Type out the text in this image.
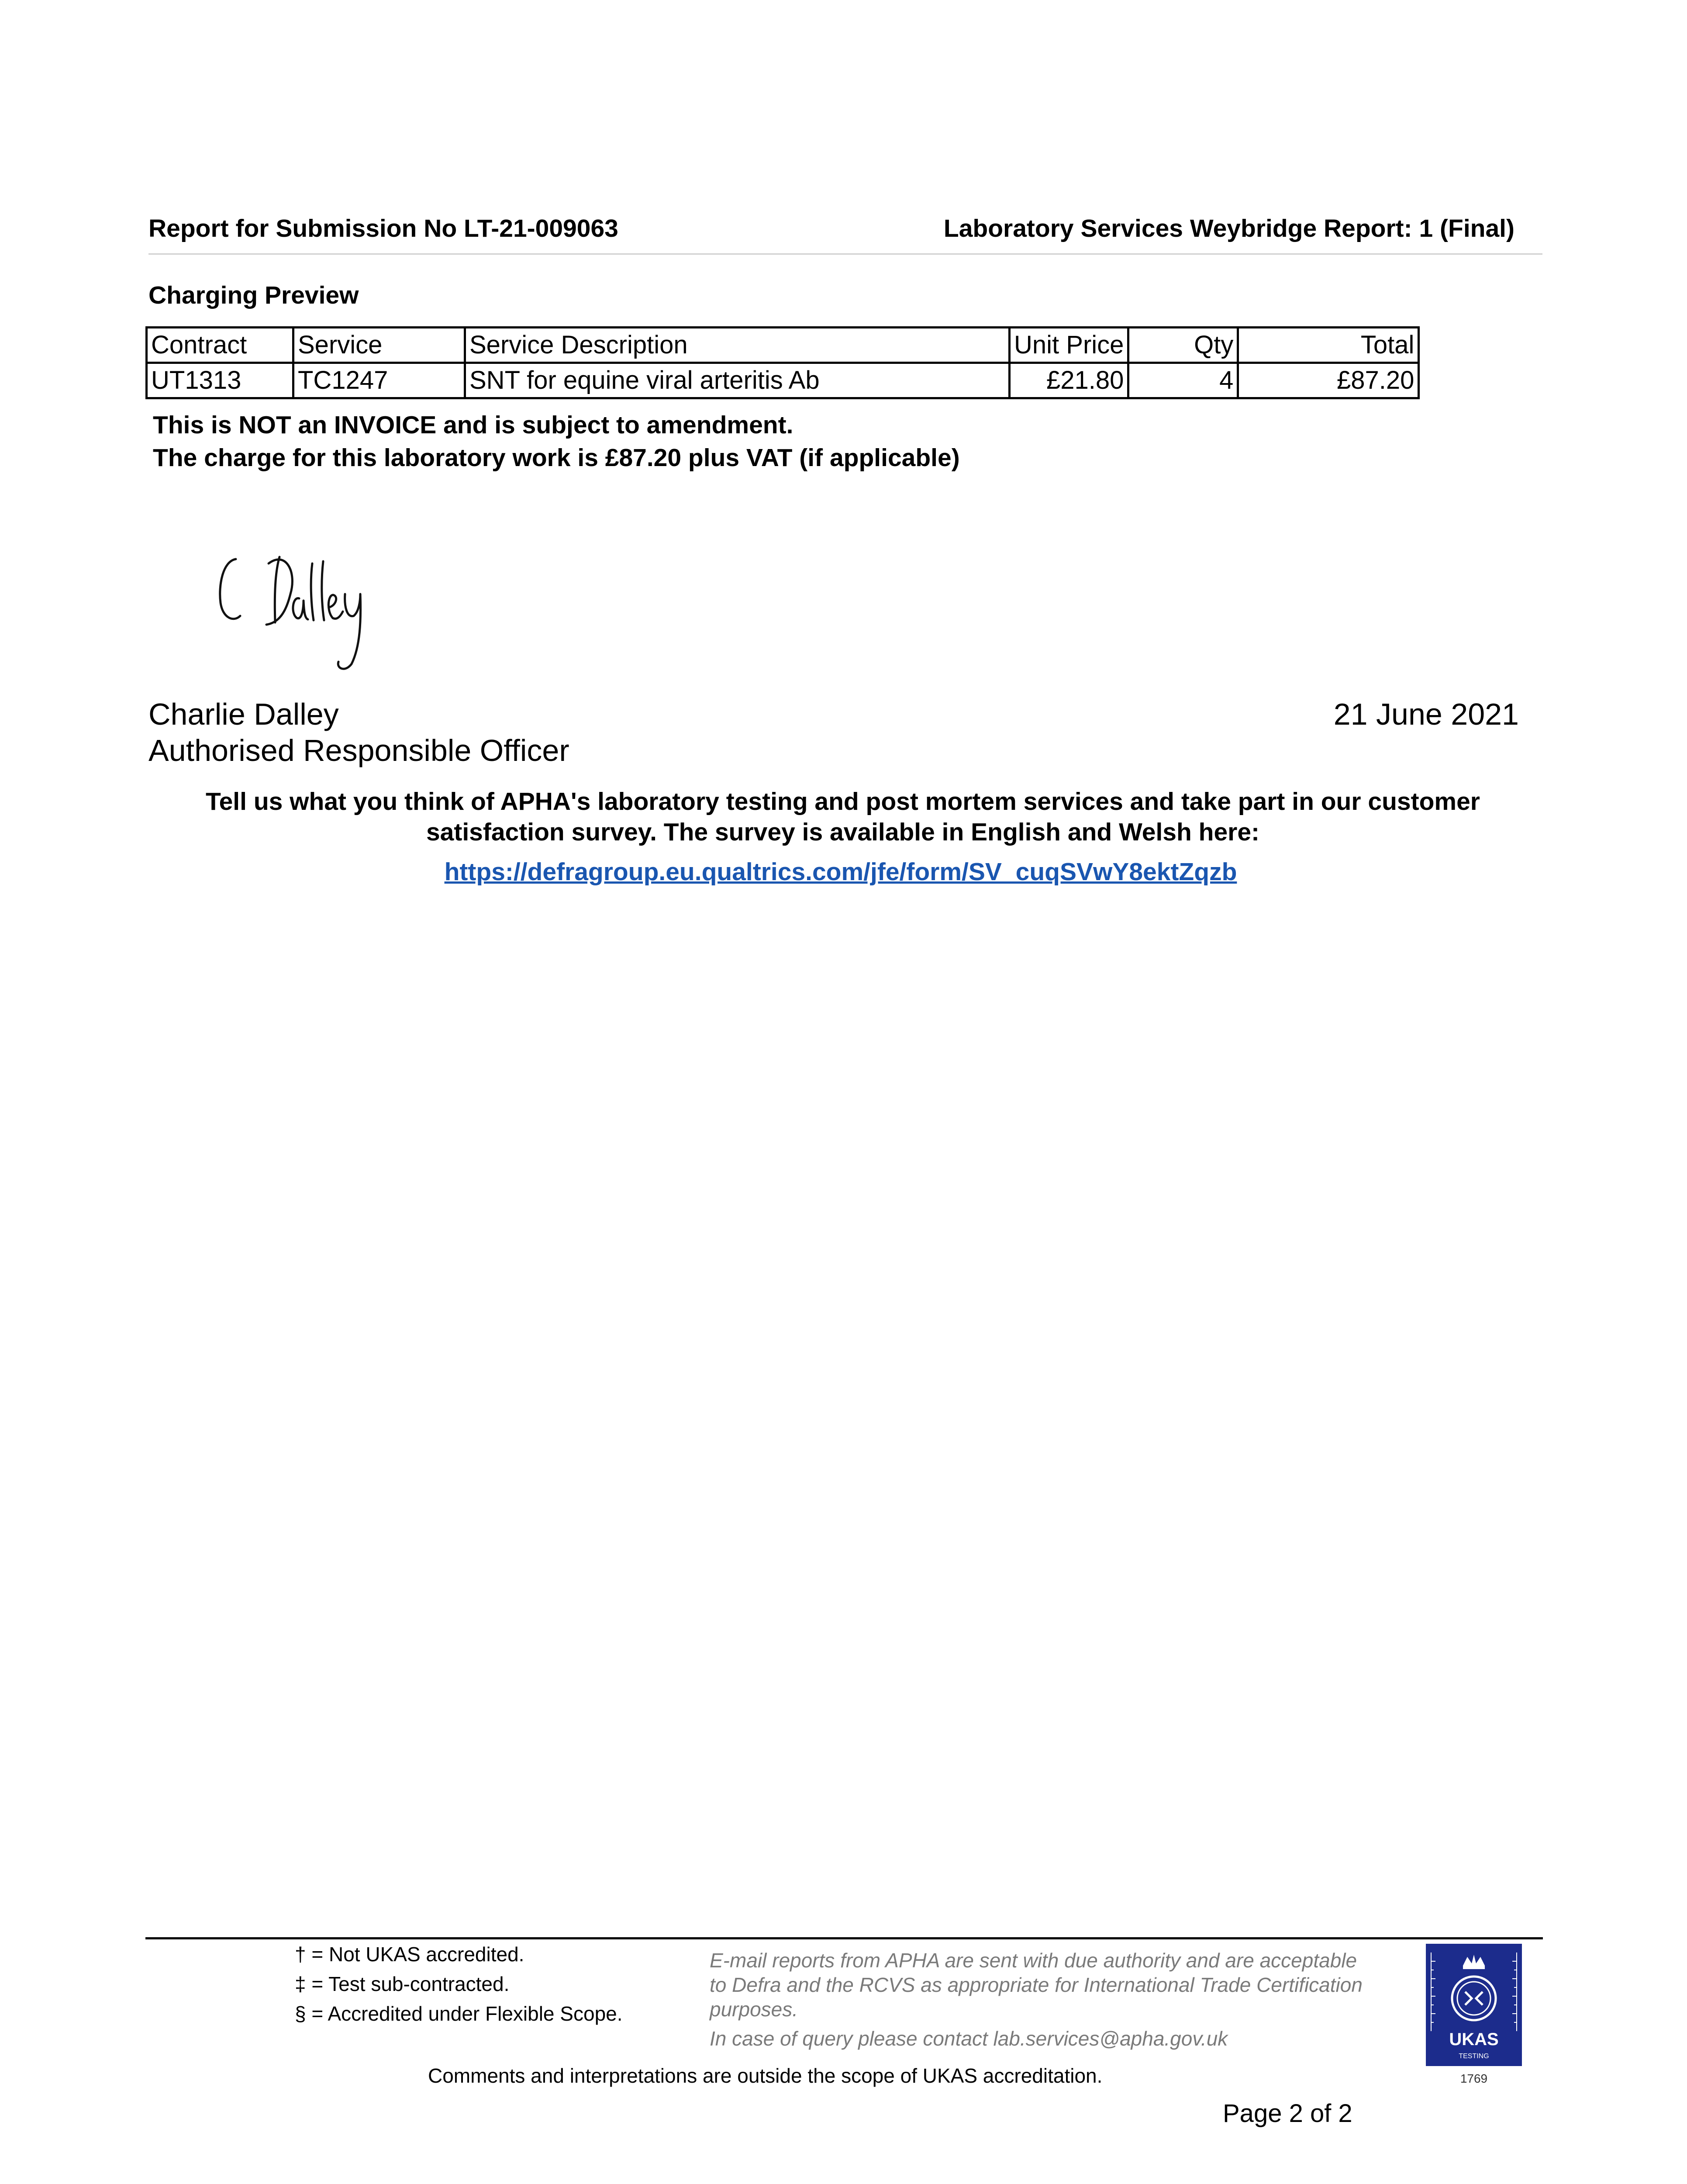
Report for Submission No LT-21-009063	Laboratory Services Weybridge Report: 1 (Final)
Charging Preview
Contract	Service	Service Description	Unit Price	Qty	Total
UT1313	TC1247	SNT for equine viral arteritis Ab	£21.80	4	£87.20
This is NOT an INVOICE and is subject to amendment.
The charge for this laboratory work is £87.20 plus VAT (if applicable)
Charlie Dalley
Authorised Responsible Officer
21 June 2021
Tell us what you think of APHA's laboratory testing and post mortem services and take part in our customer satisfaction survey. The survey is available in English and Welsh here:
https://defragroup.eu.qualtrics.com/jfe/form/SV_cuqSVwY8ektZqzb
† = Not UKAS accredited.
‡ = Test sub-contracted.
§ = Accredited under Flexible Scope.
E-mail reports from APHA are sent with due authority and are acceptable to Defra and the RCVS as appropriate for International Trade Certification purposes.
In case of query please contact lab.services@apha.gov.uk
Comments and interpretations are outside the scope of UKAS accreditation.
Page 2 of 2
UKAS
TESTING
1769
